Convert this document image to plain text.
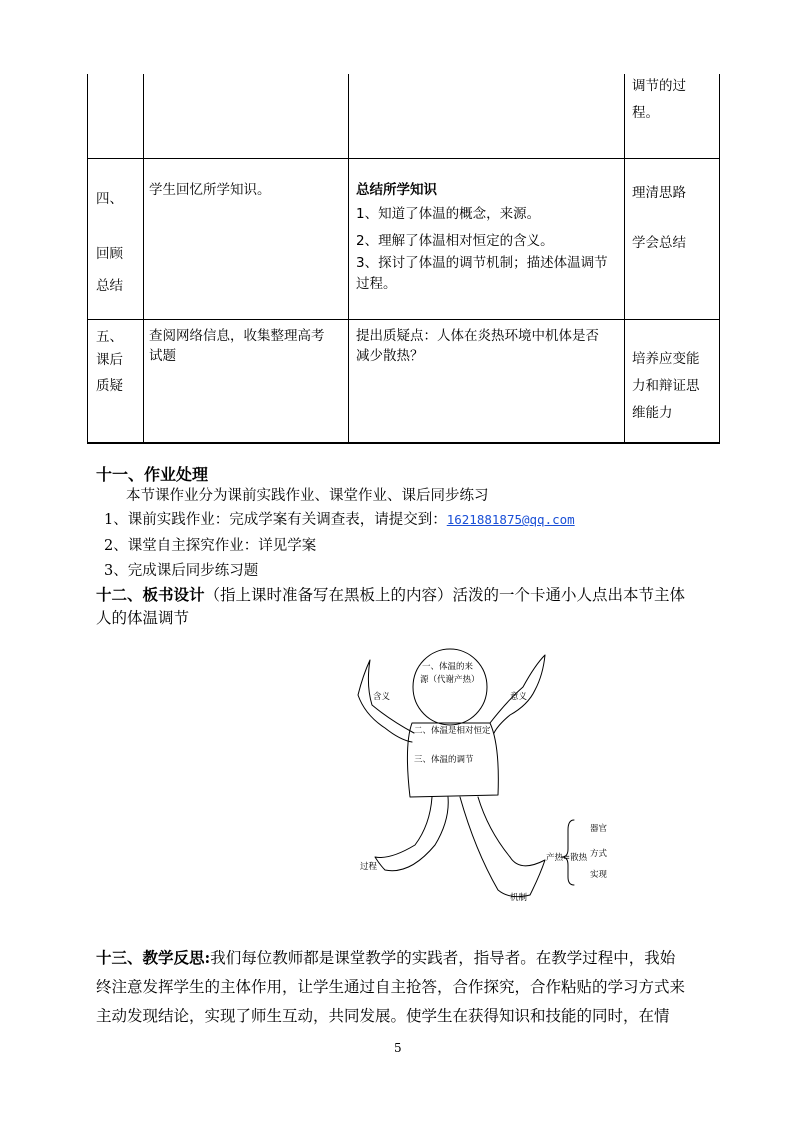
			调节的过
程。

四、
回顾
总结	学生回忆所学知识。	总结所学知识
1、知道了体温的概念，来源。
2、理解了体温相对恒定的含义。
3、探讨了体温的调节机制；描述体温调节
过程。	理清思路
学会总结

五、
课后
质疑	查阅网络信息，收集整理高考
试题	提出质疑点：人体在炎热环境中机体是否
减少散热？	培养应变能
力和辩证思
维能力
十一、作业处理
本节课作业分为课前实践作业、课堂作业、课后同步练习
1、课前实践作业：完成学案有关调查表，请提交到：1621881875@qq.com
2、课堂自主探究作业：详见学案
3、完成课后同步练习题
十二、板书设计（指上课时准备写在黑板上的内容）活泼的一个卡通小人点出本节主体
人的体温调节
一、体温的来
源（代谢产热）
含义	意义
二、体温是相对恒定
三、体温的调节
过程
机制
产热=散热
器官
方式
实现
十三、教学反思:我们每位教师都是课堂教学的实践者，指导者。在教学过程中，我始
终注意发挥学生的主体作用，让学生通过自主抢答，合作探究，合作粘贴的学习方式来
主动发现结论，实现了师生互动，共同发展。使学生在获得知识和技能的同时，在情
5
